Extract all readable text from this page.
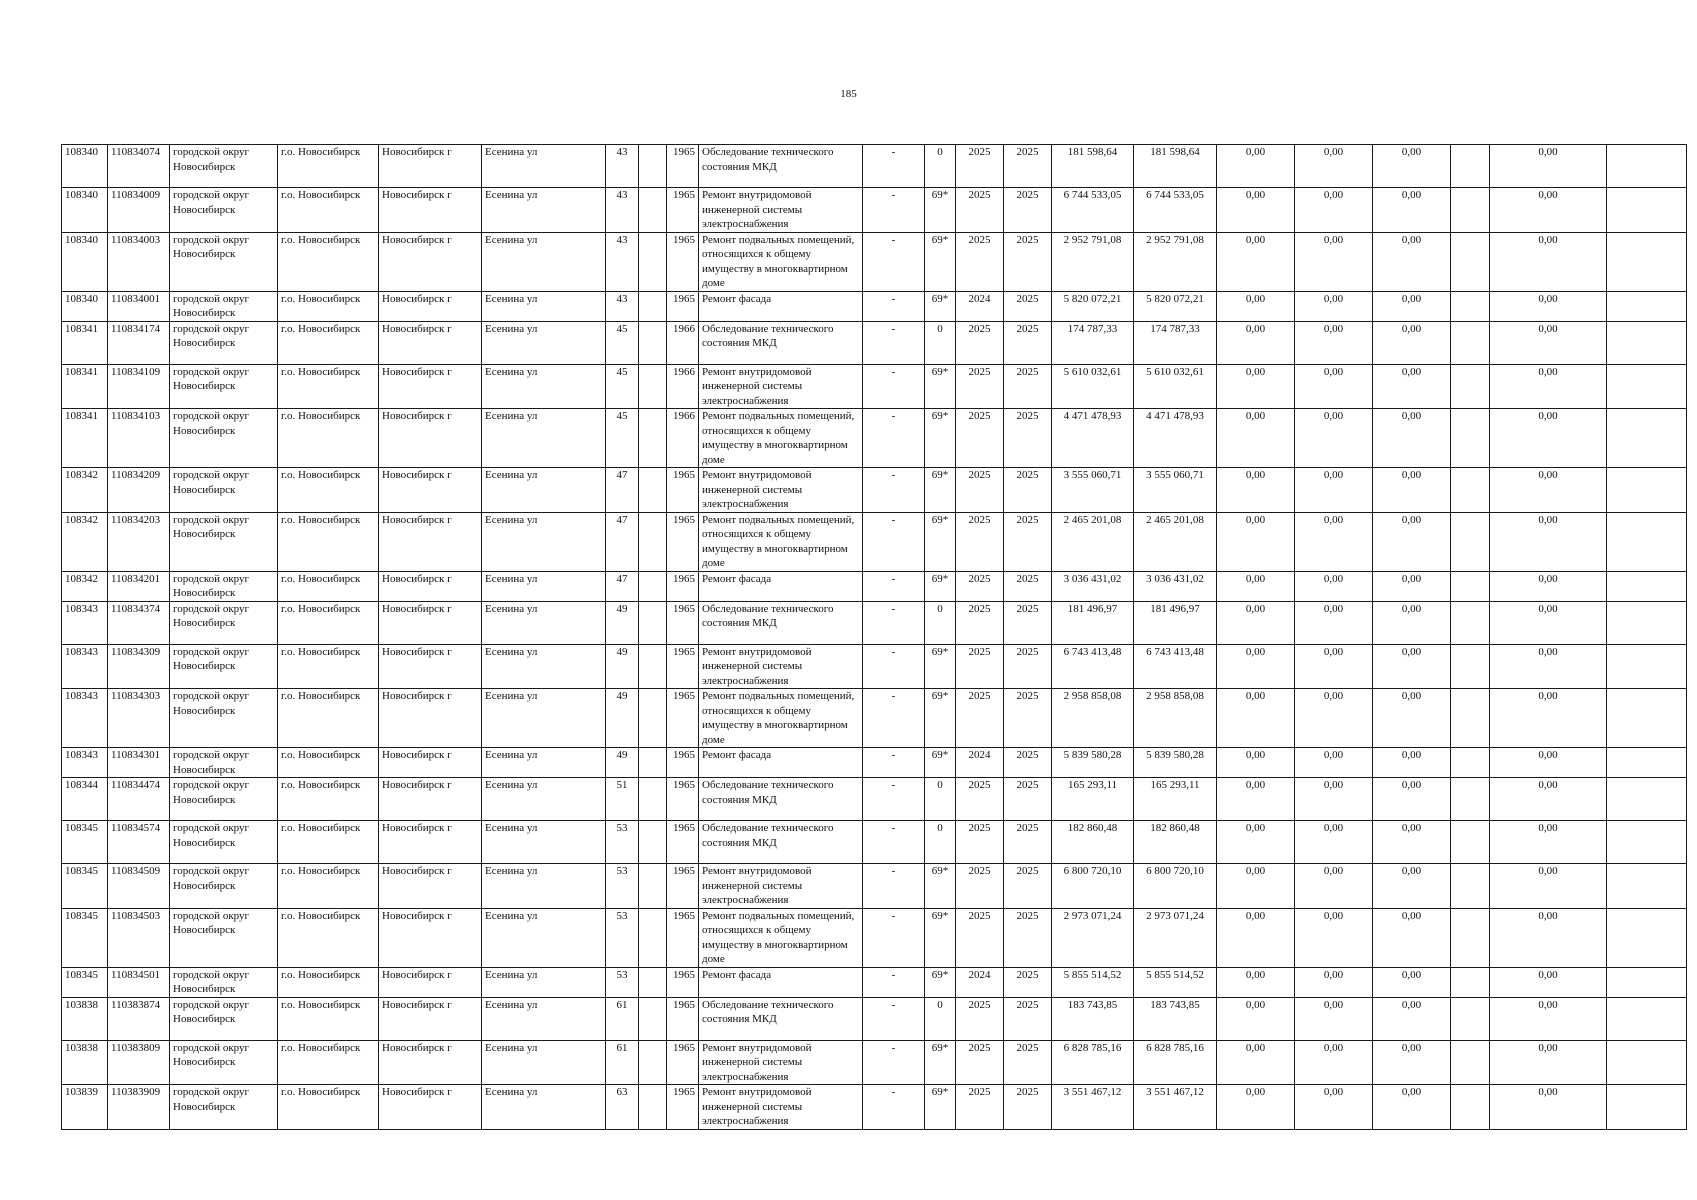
185
108340	110834074	городской округ Новосибирск	г.о. Новосибирск	Новосибирск г	Есенина ул	43		1965	Обследование технического состояния МКД	-	0	2025	2025	181 598,64	181 598,64	0,00	0,00	0,00		0,00	
108340	110834009	городской округ Новосибирск	г.о. Новосибирск	Новосибирск г	Есенина ул	43		1965	Ремонт внутридомовой инженерной системы электроснабжения	-	69*	2025	2025	6 744 533,05	6 744 533,05	0,00	0,00	0,00		0,00	
108340	110834003	городской округ Новосибирск	г.о. Новосибирск	Новосибирск г	Есенина ул	43		1965	Ремонт подвальных помещений, относящихся к общему имуществу в многоквартирном доме	-	69*	2025	2025	2 952 791,08	2 952 791,08	0,00	0,00	0,00		0,00	
108340	110834001	городской округ Новосибирск	г.о. Новосибирск	Новосибирск г	Есенина ул	43		1965	Ремонт фасада	-	69*	2024	2025	5 820 072,21	5 820 072,21	0,00	0,00	0,00		0,00	
108341	110834174	городской округ Новосибирск	г.о. Новосибирск	Новосибирск г	Есенина ул	45		1966	Обследование технического состояния МКД	-	0	2025	2025	174 787,33	174 787,33	0,00	0,00	0,00		0,00	
108341	110834109	городской округ Новосибирск	г.о. Новосибирск	Новосибирск г	Есенина ул	45		1966	Ремонт внутридомовой инженерной системы электроснабжения	-	69*	2025	2025	5 610 032,61	5 610 032,61	0,00	0,00	0,00		0,00	
108341	110834103	городской округ Новосибирск	г.о. Новосибирск	Новосибирск г	Есенина ул	45		1966	Ремонт подвальных помещений, относящихся к общему имуществу в многоквартирном доме	-	69*	2025	2025	4 471 478,93	4 471 478,93	0,00	0,00	0,00		0,00	
108342	110834209	городской округ Новосибирск	г.о. Новосибирск	Новосибирск г	Есенина ул	47		1965	Ремонт внутридомовой инженерной системы электроснабжения	-	69*	2025	2025	3 555 060,71	3 555 060,71	0,00	0,00	0,00		0,00	
108342	110834203	городской округ Новосибирск	г.о. Новосибирск	Новосибирск г	Есенина ул	47		1965	Ремонт подвальных помещений, относящихся к общему имуществу в многоквартирном доме	-	69*	2025	2025	2 465 201,08	2 465 201,08	0,00	0,00	0,00		0,00	
108342	110834201	городской округ Новосибирск	г.о. Новосибирск	Новосибирск г	Есенина ул	47		1965	Ремонт фасада	-	69*	2025	2025	3 036 431,02	3 036 431,02	0,00	0,00	0,00		0,00	
108343	110834374	городской округ Новосибирск	г.о. Новосибирск	Новосибирск г	Есенина ул	49		1965	Обследование технического состояния МКД	-	0	2025	2025	181 496,97	181 496,97	0,00	0,00	0,00		0,00	
108343	110834309	городской округ Новосибирск	г.о. Новосибирск	Новосибирск г	Есенина ул	49		1965	Ремонт внутридомовой инженерной системы электроснабжения	-	69*	2025	2025	6 743 413,48	6 743 413,48	0,00	0,00	0,00		0,00	
108343	110834303	городской округ Новосибирск	г.о. Новосибирск	Новосибирск г	Есенина ул	49		1965	Ремонт подвальных помещений, относящихся к общему имуществу в многоквартирном доме	-	69*	2025	2025	2 958 858,08	2 958 858,08	0,00	0,00	0,00		0,00	
108343	110834301	городской округ Новосибирск	г.о. Новосибирск	Новосибирск г	Есенина ул	49		1965	Ремонт фасада	-	69*	2024	2025	5 839 580,28	5 839 580,28	0,00	0,00	0,00		0,00	
108344	110834474	городской округ Новосибирск	г.о. Новосибирск	Новосибирск г	Есенина ул	51		1965	Обследование технического состояния МКД	-	0	2025	2025	165 293,11	165 293,11	0,00	0,00	0,00		0,00	
108345	110834574	городской округ Новосибирск	г.о. Новосибирск	Новосибирск г	Есенина ул	53		1965	Обследование технического состояния МКД	-	0	2025	2025	182 860,48	182 860,48	0,00	0,00	0,00		0,00	
108345	110834509	городской округ Новосибирск	г.о. Новосибирск	Новосибирск г	Есенина ул	53		1965	Ремонт внутридомовой инженерной системы электроснабжения	-	69*	2025	2025	6 800 720,10	6 800 720,10	0,00	0,00	0,00		0,00	
108345	110834503	городской округ Новосибирск	г.о. Новосибирск	Новосибирск г	Есенина ул	53		1965	Ремонт подвальных помещений, относящихся к общему имуществу в многоквартирном доме	-	69*	2025	2025	2 973 071,24	2 973 071,24	0,00	0,00	0,00		0,00	
108345	110834501	городской округ Новосибирск	г.о. Новосибирск	Новосибирск г	Есенина ул	53		1965	Ремонт фасада	-	69*	2024	2025	5 855 514,52	5 855 514,52	0,00	0,00	0,00		0,00	
103838	110383874	городской округ Новосибирск	г.о. Новосибирск	Новосибирск г	Есенина ул	61		1965	Обследование технического состояния МКД	-	0	2025	2025	183 743,85	183 743,85	0,00	0,00	0,00		0,00	
103838	110383809	городской округ Новосибирск	г.о. Новосибирск	Новосибирск г	Есенина ул	61		1965	Ремонт внутридомовой инженерной системы электроснабжения	-	69*	2025	2025	6 828 785,16	6 828 785,16	0,00	0,00	0,00		0,00	
103839	110383909	городской округ Новосибирск	г.о. Новосибирск	Новосибирск г	Есенина ул	63		1965	Ремонт внутридомовой инженерной системы электроснабжения	-	69*	2025	2025	3 551 467,12	3 551 467,12	0,00	0,00	0,00		0,00	
